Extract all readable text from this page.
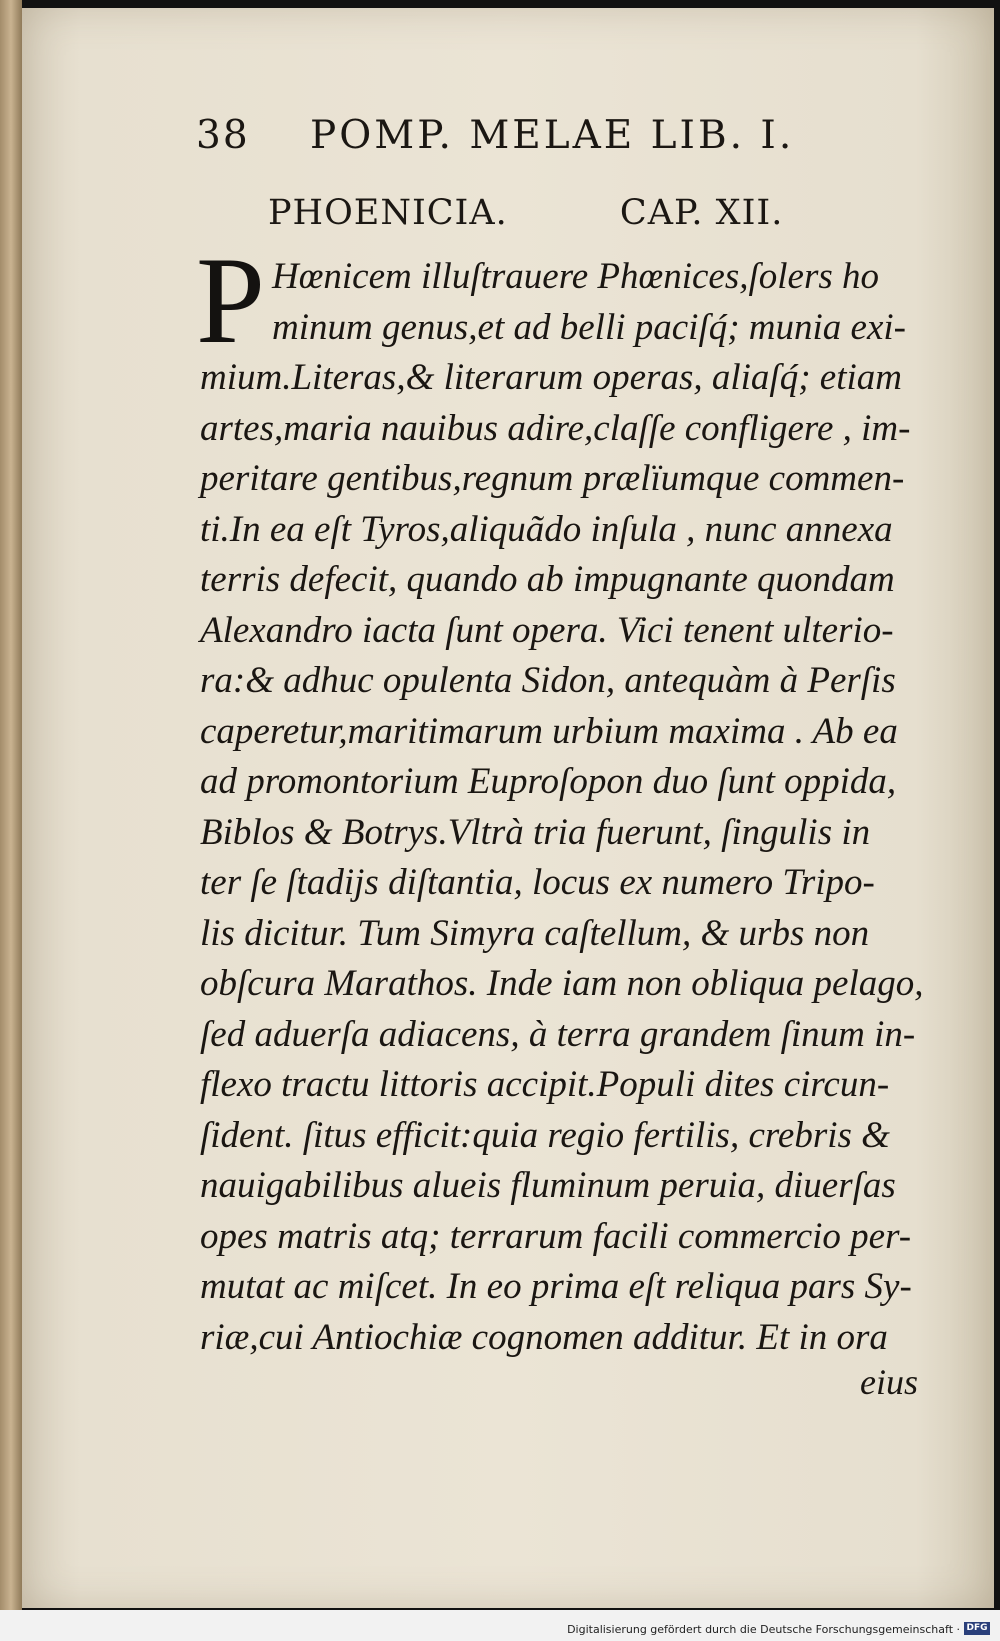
38 POMP. MELAE LIB. I.
PHOENICIA.	CAP. XII.
P Hœnicem illuſtrauere Phœnices,ſolers ho
minum genus,et ad belli paciſq́; munia exi-
mium.Literas,& literarum operas, aliaſq́; etiam
artes,maria nauibus adire,claſſe confligere , im-
peritare gentibus,regnum prælïumque commen-
ti.In ea eſt Tyros,aliquãdo inſula , nunc annexa
terris defecit, quando ab impugnante quondam
Alexandro iacta ſunt opera. Vici tenent ulterio-
ra:& adhuc opulenta Sidon, antequàm à Perſis
caperetur,maritimarum urbium maxima . Ab ea
ad promontorium Euproſopon duo ſunt oppida,
Biblos & Botrys.Vltrà tria fuerunt, ſingulis in
ter ſe ſtadijs diſtantia, locus ex numero Tripo-
lis dicitur. Tum Simyra caſtellum, & urbs non
obſcura Marathos. Inde iam non obliqua pelago,
ſed aduerſa adiacens, à terra grandem ſinum in-
flexo tractu littoris accipit.Populi dites circun-
ſident. ſitus efficit:quia regio fertilis, crebris &
nauigabilibus alueis fluminum peruia, diuerſas
opes matris atq; terrarum facili commercio per-
mutat ac miſcet. In eo prima eſt reliqua pars Sy-
riæ,cui Antiochiæ cognomen additur. Et in ora
eius
Digitalisierung gefördert durch die Deutsche Forschungsgemeinschaft · DFG
